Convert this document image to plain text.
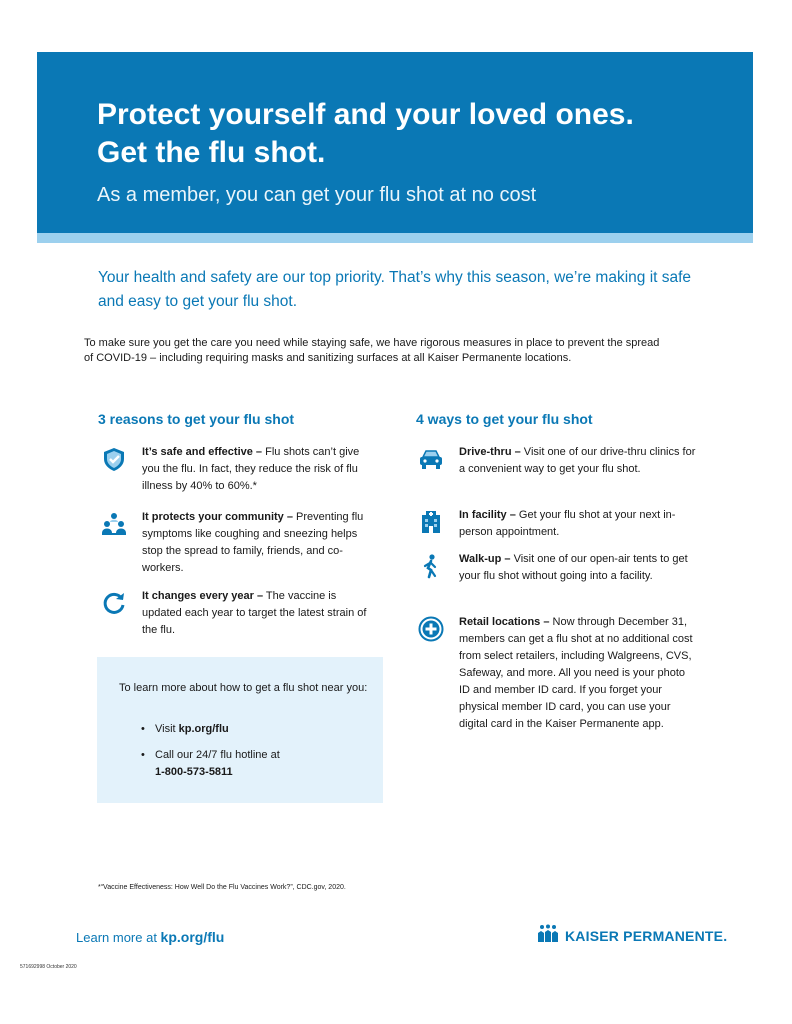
Protect yourself and your loved ones.
Get the flu shot.

As a member, you can get your flu shot at no cost

Your health and safety are our top priority. That’s why this season, we’re making it safe and easy to get your flu shot.

To make sure you get the care you need while staying safe, we have rigorous measures in place to prevent the spread of COVID-19 – including requiring masks and sanitizing surfaces at all Kaiser Permanente locations.

3 reasons to get your flu shot
It’s safe and effective – Flu shots can’t give you the flu. In fact, they reduce the risk of flu illness by 40% to 60%.*
It protects your community – Preventing flu symptoms like coughing and sneezing helps stop the spread to family, friends, and co-workers.
It changes every year – The vaccine is updated each year to target the latest strain of the flu.

To learn more about how to get a flu shot near you:

• Visit kp.org/flu
• Call our 24/7 flu hotline at
1-800-573-5811
4 ways to get your flu shot
Drive-thru – Visit one of our drive-thru clinics for a convenient way to get your flu shot.
In facility – Get your flu shot at your next in-person appointment.
Walk-up – Visit one of our open-air tents to get your flu shot without going into a facility.
Retail locations – Now through December 31, members can get a flu shot at no additional cost from select retailers, including Walgreens, CVS, Safeway, and more. All you need is your photo ID and member ID card. If you forget your physical member ID card, you can use your digital card in the Kaiser Permanente app.

*“Vaccine Effectiveness: How Well Do the Flu Vaccines Work?”, CDC.gov, 2020.

Learn more at kp.org/flu	KAISER PERMANENTE.

571692998 October 2020
